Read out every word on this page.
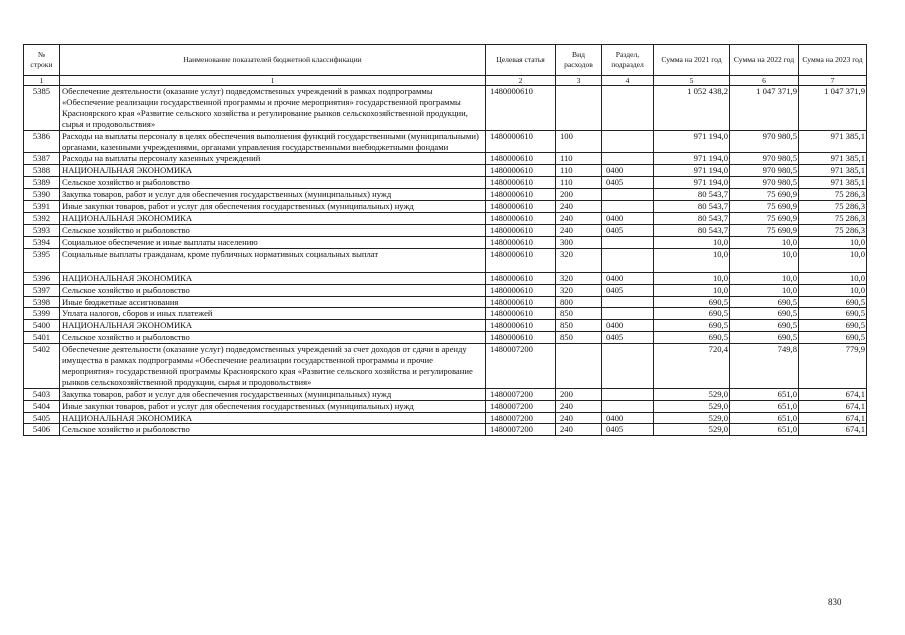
№ строки	Наименование показателей бюджетной классификации	Целевая статья	Вид расходов	Раздел, подраздел	Сумма на 2021 год	Сумма на 2022 год	Сумма на 2023 год
1	1	2	3	4	5	6	7
5385	Обеспечение деятельности (оказание услуг) подведомственных учреждений в рамках подпрограммы «Обеспечение реализации государственной программы и прочие мероприятия» государственной программы Красноярского края «Развитие сельского хозяйства и регулирование рынков сельскохозяйственной продукции, сырья и продовольствия»	1480000610			1 052 438,2	1 047 371,9	1 047 371,9
5386	Расходы на выплаты персоналу в целях обеспечения выполнения функций государственными (муниципальными) органами, казенными учреждениями, органами управления государственными внебюджетными фондами	1480000610	100		971 194,0	970 980,5	971 385,1
5387	Расходы на выплаты персоналу казенных учреждений	1480000610	110		971 194,0	970 980,5	971 385,1
5388	НАЦИОНАЛЬНАЯ ЭКОНОМИКА	1480000610	110	0400	971 194,0	970 980,5	971 385,1
5389	Сельское хозяйство и рыболовство	1480000610	110	0405	971 194,0	970 980,5	971 385,1
5390	Закупка товаров, работ и услуг для обеспечения государственных (муниципальных) нужд	1480000610	200		80 543,7	75 690,9	75 286,3
5391	Иные закупки товаров, работ и услуг для обеспечения государственных (муниципальных) нужд	1480000610	240		80 543,7	75 690,9	75 286,3
5392	НАЦИОНАЛЬНАЯ ЭКОНОМИКА	1480000610	240	0400	80 543,7	75 690,9	75 286,3
5393	Сельское хозяйство и рыболовство	1480000610	240	0405	80 543,7	75 690,9	75 286,3
5394	Социальное обеспечение и иные выплаты населению	1480000610	300		10,0	10,0	10,0
5395	Социальные выплаты гражданам, кроме публичных нормативных социальных выплат	1480000610	320		10,0	10,0	10,0
5396	НАЦИОНАЛЬНАЯ ЭКОНОМИКА	1480000610	320	0400	10,0	10,0	10,0
5397	Сельское хозяйство и рыболовство	1480000610	320	0405	10,0	10,0	10,0
5398	Иные бюджетные ассигнования	1480000610	800		690,5	690,5	690,5
5399	Уплата налогов, сборов и иных платежей	1480000610	850		690,5	690,5	690,5
5400	НАЦИОНАЛЬНАЯ ЭКОНОМИКА	1480000610	850	0400	690,5	690,5	690,5
5401	Сельское хозяйство и рыболовство	1480000610	850	0405	690,5	690,5	690,5
5402	Обеспечение деятельности (оказание услуг) подведомственных учреждений за счет доходов от сдачи в аренду имущества в рамках подпрограммы «Обеспечение реализации государственной программы и прочие мероприятия» государственной программы Красноярского края «Развитие сельского хозяйства и регулирование рынков сельскохозяйственной продукции, сырья и продовольствия»	1480007200			720,4	749,8	779,9
5403	Закупка товаров, работ и услуг для обеспечения государственных (муниципальных) нужд	1480007200	200		529,0	651,0	674,1
5404	Иные закупки товаров, работ и услуг для обеспечения государственных (муниципальных) нужд	1480007200	240		529,0	651,0	674,1
5405	НАЦИОНАЛЬНАЯ ЭКОНОМИКА	1480007200	240	0400	529,0	651,0	674,1
5406	Сельское хозяйство и рыболовство	1480007200	240	0405	529,0	651,0	674,1
830
